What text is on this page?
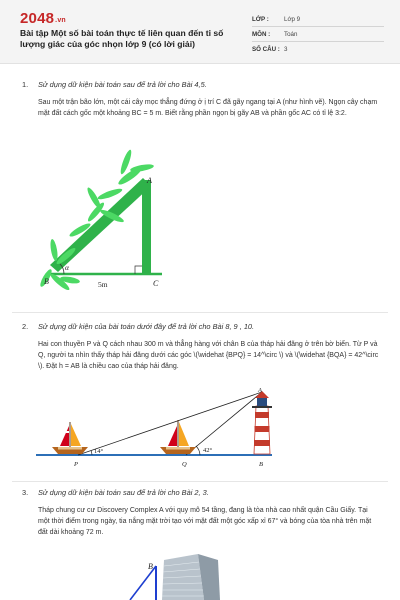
2048.vn
Bài tập Một số bài toán thực tế liên quan đến tỉ số lượng giác của góc nhọn lớp 9 (có lời giải)
LỚP :	Lớp 9
MÔN :	Toán
SỐ CÂU : 3
1.	Sử dụng dữ kiện bài toán sau để trả lời cho Bài 4,5.
Sau một trận bão lớn, một cái cây mọc thẳng đứng ở ị trí C đã gãy ngang tại A (như hình vẽ). Ngọn cây chạm mặt đất cách gốc một khoảng BC = 5 m. Biết rằng phần ngọn bị gãy AB và phần gốc AC có tỉ lệ 3:2.
A
B	C
α
5m
2.	Sử dụng dữ kiện của bài toán dưới đây để trả lời cho Bài 8, 9 , 10.
Hai con thuyền P và Q cách nhau 300 m và thẳng hàng với chân B của tháp hải đăng ở trên bờ biển. Từ P và Q, người ta nhìn thấy tháp hải đăng dưới các góc \(\widehat {BPQ} = 14^\circ \) và \(\widehat {BQA} = 42^\circ \). Đặt h = AB là chiều cao của tháp hải đăng.
14°	42°
A
B
P	Q
3.	Sử dụng dữ kiện bài toán sau để trả lời cho Bài 2, 3.
Tháp chung cư cư Discovery Complex A với quy mô 54 tầng, đang là tòa nhà cao nhất quận Cầu Giấy. Tại một thời điểm trong ngày, tia nắng mặt trời tạo với mặt đất một góc xấp xỉ 67° và bóng của tòa nhà trên mặt đất dài khoảng 72 m.
B
